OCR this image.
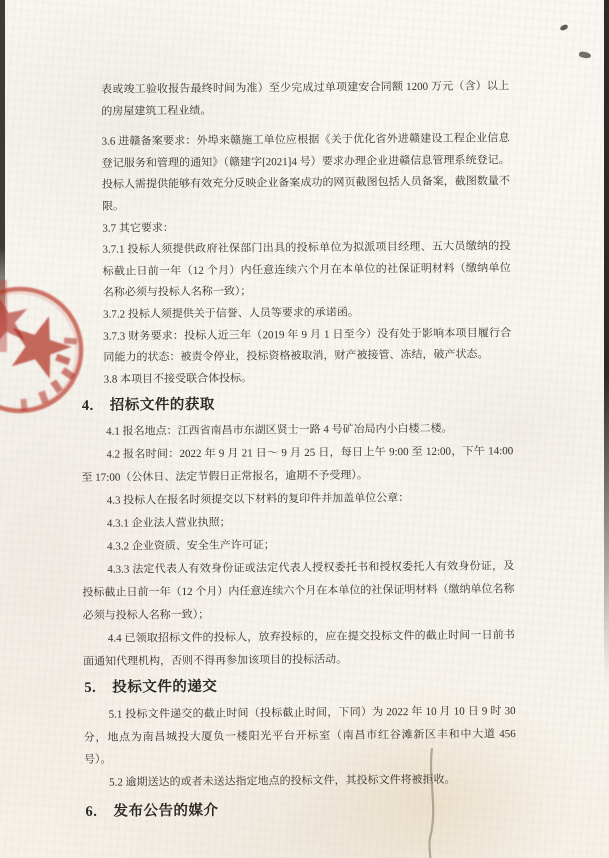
表或竣工验收报告最终时间为准）至少完成过单项建安合同额 1200 万元（含）以上的房屋建筑工程业绩。

3.6 进赣备案要求：外埠来赣施工单位应根据《关于优化省外进赣建设工程企业信息登记服务和管理的通知》（赣建字[2021]4 号）要求办理企业进赣信息管理系统登记。投标人需提供能够有效充分反映企业备案成功的网页截图包括人员备案，截图数量不限。

3.7 其它要求：

3.7.1 投标人须提供政府社保部门出具的投标单位为拟派项目经理、五大员缴纳的投标截止日前一年（12 个月）内任意连续六个月在本单位的社保证明材料（缴纳单位名称必须与投标人名称一致）；

3.7.2 投标人须提供关于信誉、人员等要求的承诺函。

3.7.3 财务要求：投标人近三年（2019 年 9 月 1 日至今）没有处于影响本项目履行合同能力的状态：被责令停业，投标资格被取消，财产被接管、冻结，破产状态。

3.8 本项目不接受联合体投标。

4.	招标文件的获取

4.1 报名地点：江西省南昌市东湖区贤士一路 4 号矿冶局内小白楼二楼。

4.2 报名时间：2022 年 9 月 21 日～ 9 月 25 日，每日上午 9:00 至 12:00，下午 14:00 至 17:00（公休日、法定节假日正常报名，逾期不予受理）。

4.3 投标人在报名时须提交以下材料的复印件并加盖单位公章：

4.3.1 企业法人营业执照；

4.3.2 企业资质、安全生产许可证；

4.3.3 法定代表人有效身份证或法定代表人授权委托书和授权委托人有效身份证，及投标截止日前一年（12 个月）内任意连续六个月在本单位的社保证明材料（缴纳单位名称必须与投标人名称一致）；

4.4 已领取招标文件的投标人，放弃投标的，应在提交投标文件的截止时间一日前书面通知代理机构，否则不得再参加该项目的投标活动。

5.	投标文件的递交

5.1 投标文件递交的截止时间（投标截止时间，下同）为 2022 年 10 月 10 日 9 时 30 分，地点为南昌城投大厦负一楼阳光平台开标室（南昌市红谷滩新区丰和中大道 456 号）。

5.2 逾期送达的或者未送达指定地点的投标文件，其投标文件将被拒收。

6.	发布公告的媒介
